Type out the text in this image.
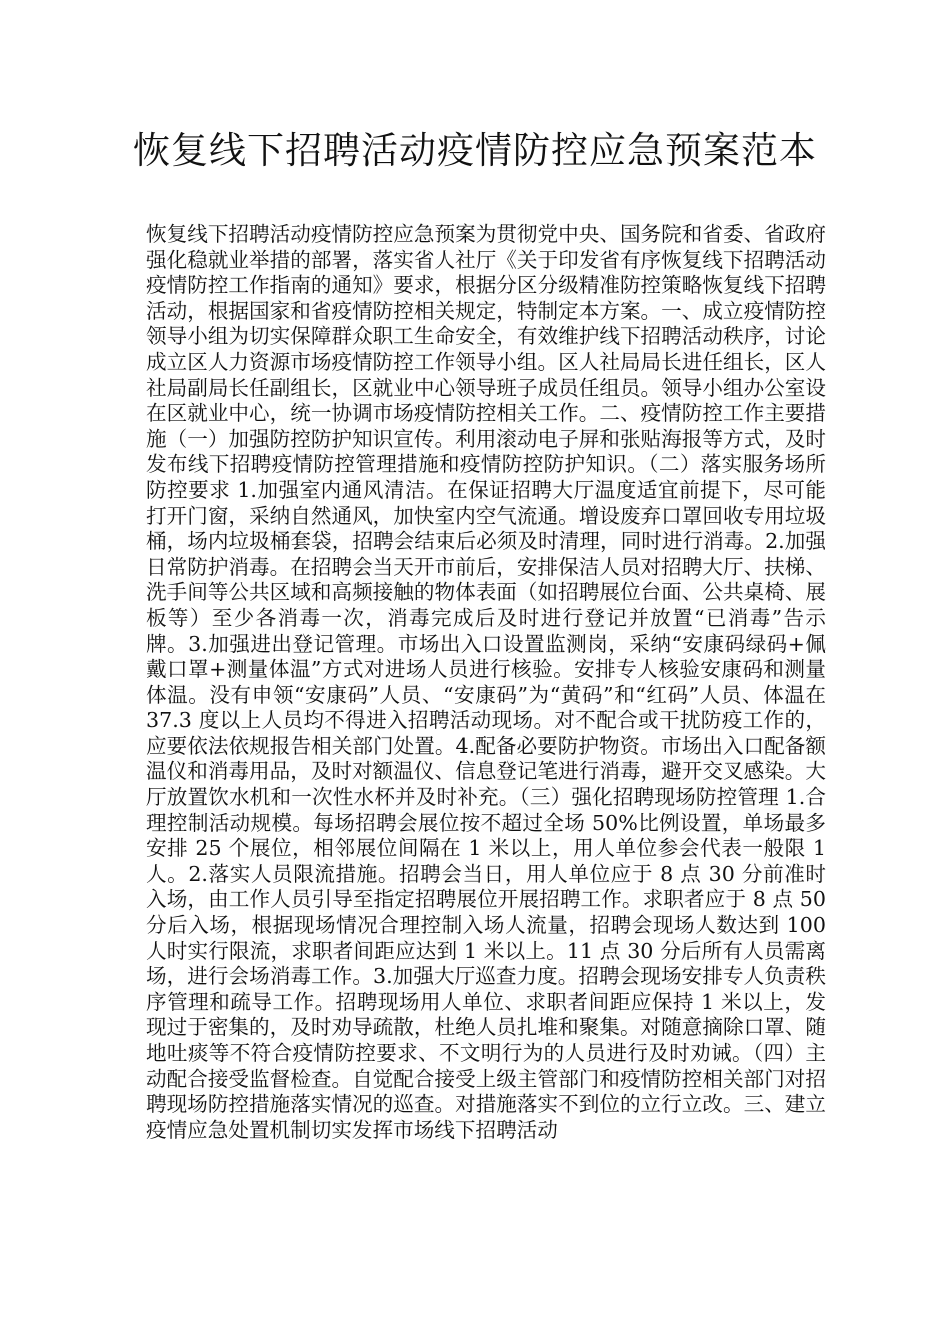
恢复线下招聘活动疫情防控应急预案范本

恢复线下招聘活动疫情防控应急预案为贯彻党中央、国务院和省委、省政府强化稳就业举措的部署，落实省人社厅《关于印发省有序恢复线下招聘活动疫情防控工作指南的通知》要求，根据分区分级精准防控策略恢复线下招聘活动，根据国家和省疫情防控相关规定，特制定本方案。一、成立疫情防控领导小组为切实保障群众职工生命安全，有效维护线下招聘活动秩序，讨论成立区人力资源市场疫情防控工作领导小组。区人社局局长进任组长，区人社局副局长任副组长，区就业中心领导班子成员任组员。领导小组办公室设在区就业中心，统一协调市场疫情防控相关工作。二、疫情防控工作主要措施（一）加强防控防护知识宣传。利用滚动电子屏和张贴海报等方式，及时发布线下招聘疫情防控管理措施和疫情防控防护知识。（二）落实服务场所防控要求 1.加强室内通风清洁。在保证招聘大厅温度适宜前提下，尽可能打开门窗，采纳自然通风，加快室内空气流通。增设废弃口罩回收专用垃圾桶，场内垃圾桶套袋，招聘会结束后必须及时清理，同时进行消毒。2.加强日常防护消毒。在招聘会当天开市前后，安排保洁人员对招聘大厅、扶梯、洗手间等公共区域和高频接触的物体表面（如招聘展位台面、公共桌椅、展板等）至少各消毒一次，消毒完成后及时进行登记并放置“已消毒”告示牌。3.加强进出登记管理。市场出入口设置监测岗，采纳“安康码绿码+佩戴口罩+测量体温”方式对进场人员进行核验。安排专人核验安康码和测量体温。没有申领“安康码”人员、“安康码”为“黄码”和“红码”人员、体温在 37.3 度以上人员均不得进入招聘活动现场。对不配合或干扰防疫工作的，应要依法依规报告相关部门处置。4.配备必要防护物资。市场出入口配备额温仪和消毒用品，及时对额温仪、信息登记笔进行消毒，避开交叉感染。大厅放置饮水机和一次性水杯并及时补充。（三）强化招聘现场防控管理 1.合理控制活动规模。每场招聘会展位按不超过全场 50%比例设置，单场最多安排 25 个展位，相邻展位间隔在 1 米以上，用人单位参会代表一般限 1 人。2.落实人员限流措施。招聘会当日，用人单位应于 8 点 30 分前准时入场，由工作人员引导至指定招聘展位开展招聘工作。求职者应于 8 点 50 分后入场，根据现场情况合理控制入场人流量，招聘会现场人数达到 100 人时实行限流，求职者间距应达到 1 米以上。11 点 30 分后所有人员需离场，进行会场消毒工作。3.加强大厅巡查力度。招聘会现场安排专人负责秩序管理和疏导工作。招聘现场用人单位、求职者间距应保持 1 米以上，发现过于密集的，及时劝导疏散，杜绝人员扎堆和聚集。对随意摘除口罩、随地吐痰等不符合疫情防控要求、不文明行为的人员进行及时劝诫。（四）主动配合接受监督检查。自觉配合接受上级主管部门和疫情防控相关部门对招聘现场防控措施落实情况的巡查。对措施落实不到位的立行立改。三、建立疫情应急处置机制切实发挥市场线下招聘活动
